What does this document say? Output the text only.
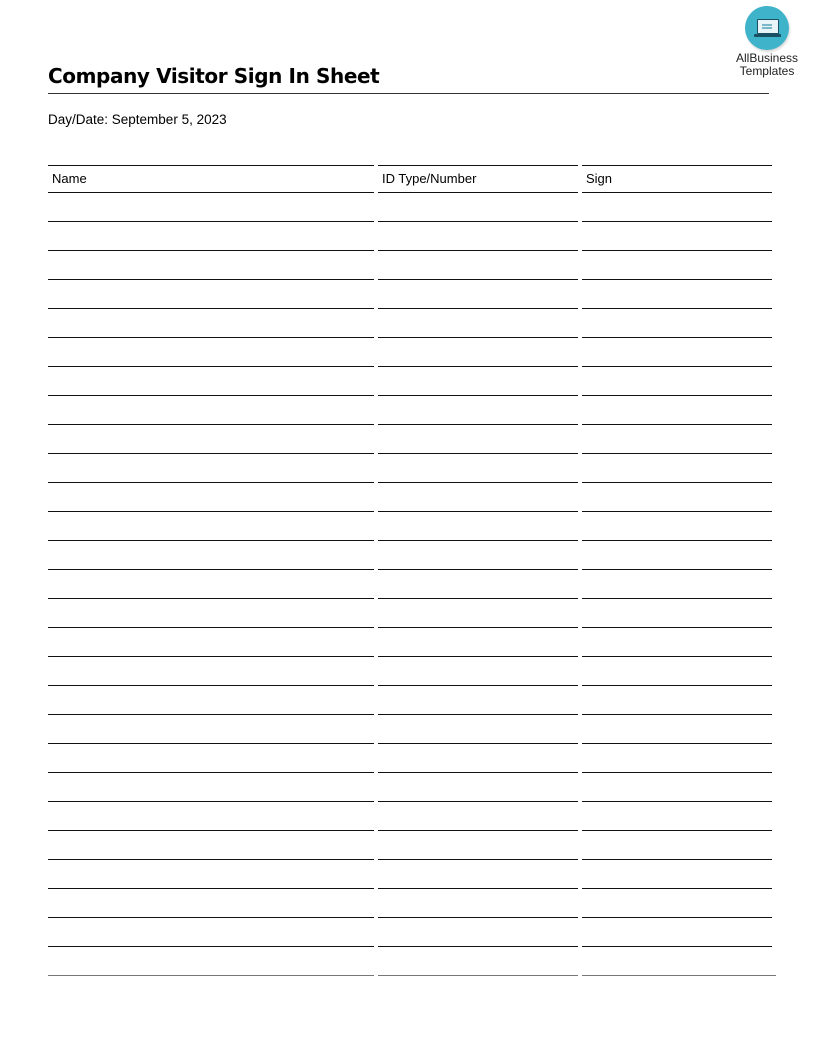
AllBusiness
Templates
Company Visitor Sign In Sheet
Day/Date: September 5, 2023
Name	ID Type/Number	Sign
